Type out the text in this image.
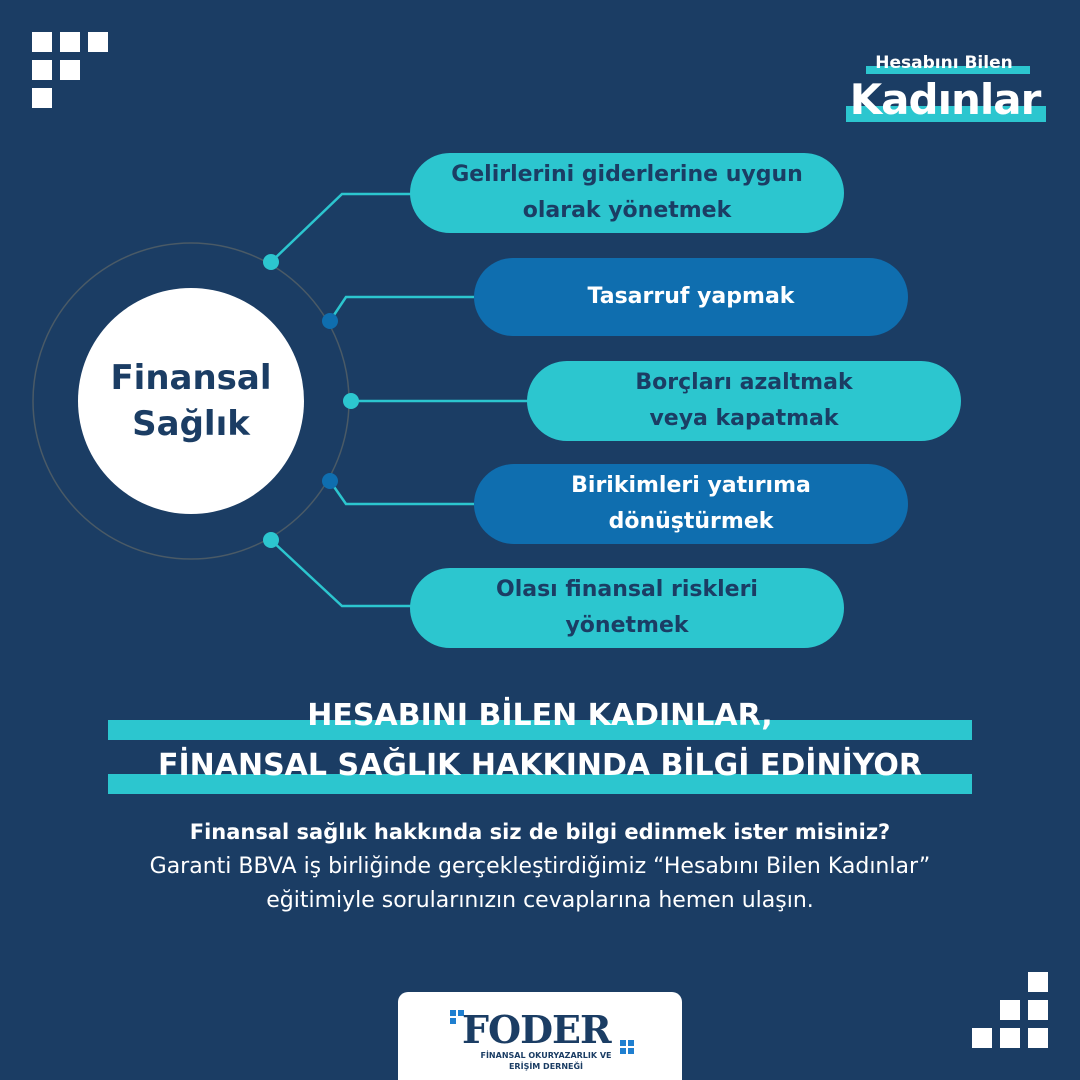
Hesabını Bilen
Kadınlar
Finansal
Sağlık
Gelirlerini giderlerine uygun
olarak yönetmek
Tasarruf yapmak
Borçları azaltmak
veya kapatmak
Birikimleri yatırıma
dönüştürmek
Olası finansal riskleri
yönetmek
HESABINI BİLEN KADINLAR,
FİNANSAL SAĞLIK HAKKINDA BİLGİ EDİNİYOR
Finansal sağlık hakkında siz de bilgi edinmek ister misiniz?
Garanti BBVA iş birliğinde gerçekleştirdiğimiz “Hesabını Bilen Kadınlar” eğitimiyle sorularınızın cevaplarına hemen ulaşın.
FODER
FİNANSAL OKURYAZARLIK VE
ERİŞİM DERNEĞİ
